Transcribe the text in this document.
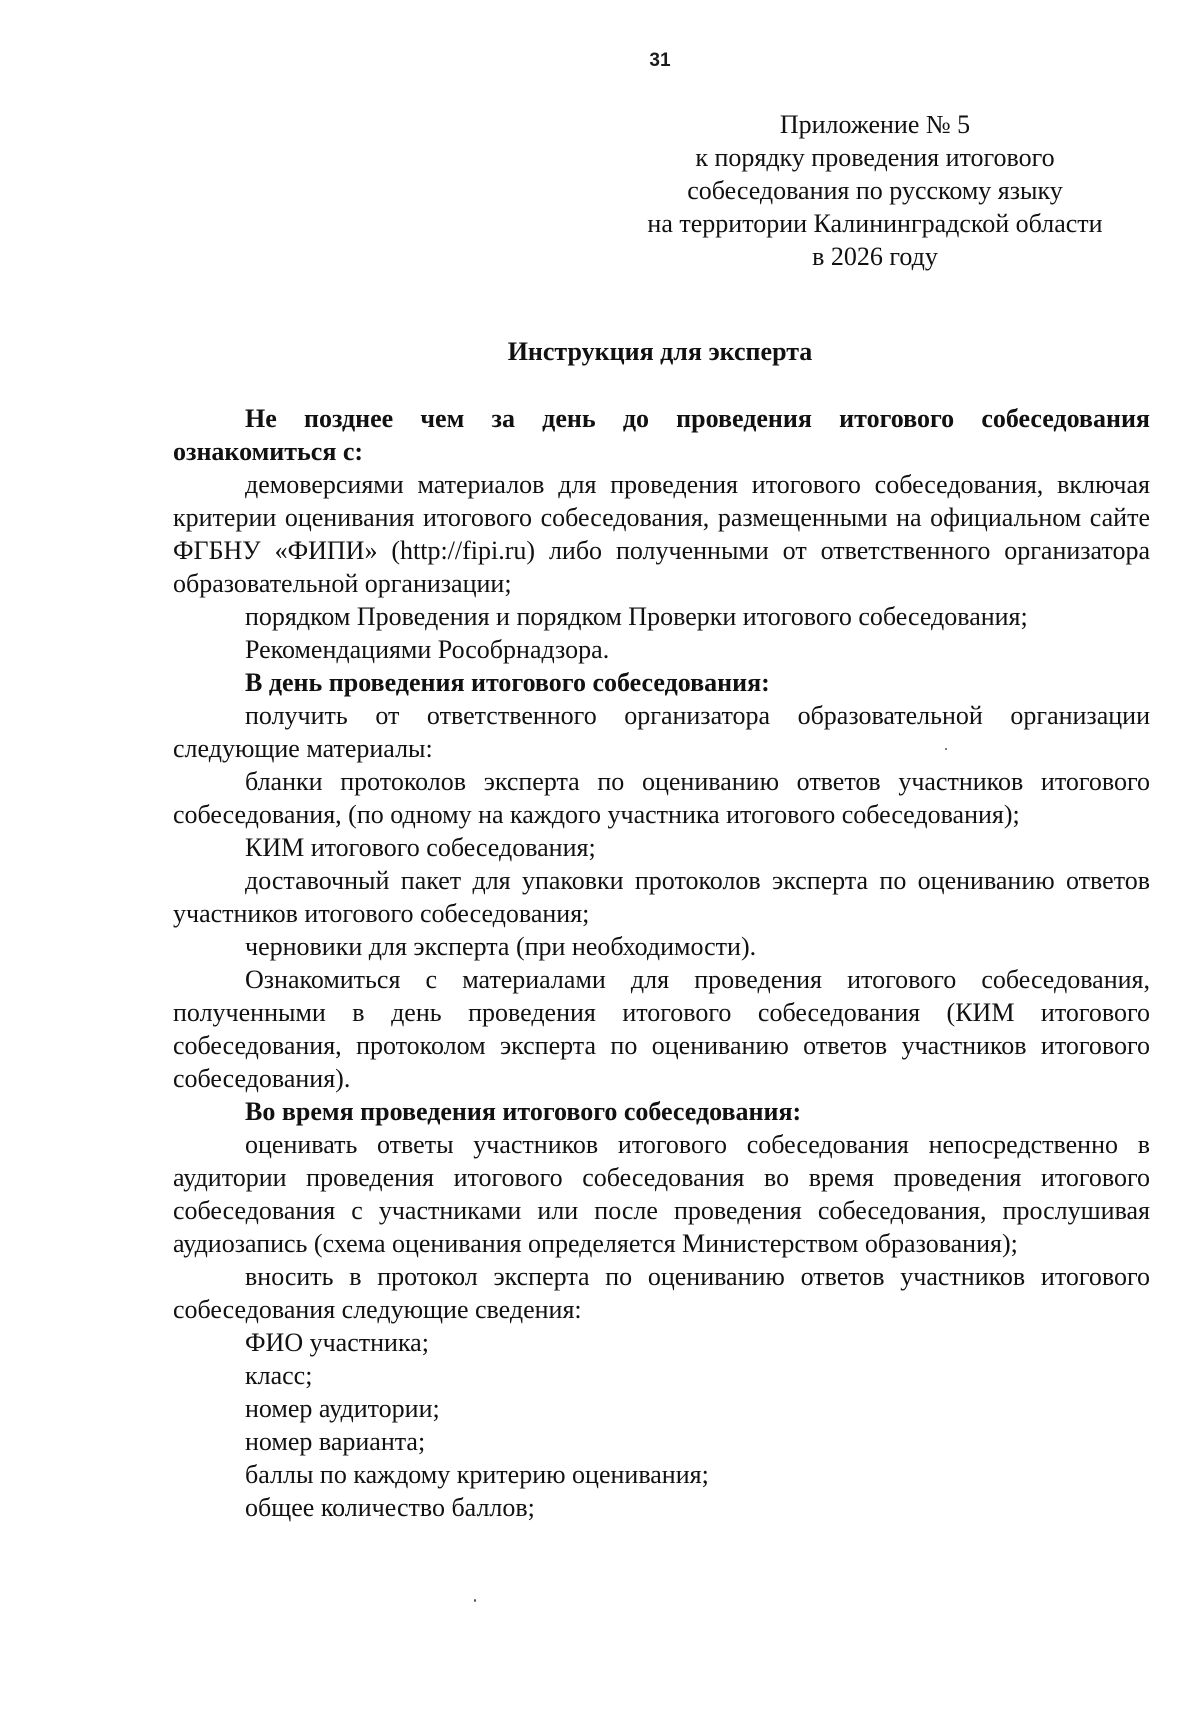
31
Приложение № 5
к порядку проведения итогового
собеседования по русскому языку
на территории Калининградской области
в 2026 году
Инструкция для эксперта

Не позднее чем за день до проведения итогового собеседования ознакомиться с:

демоверсиями материалов для проведения итогового собеседования, включая критерии оценивания итогового собеседования, размещенными на официальном сайте ФГБНУ «ФИПИ» (http://fipi.ru) либо полученными от ответственного организатора образовательной организации;

порядком Проведения и порядком Проверки итогового собеседования;

Рекомендациями Рособрнадзора.

В день проведения итогового собеседования:

получить от ответственного организатора образовательной организации следующие материалы:

бланки протоколов эксперта по оцениванию ответов участников итогового собеседования, (по одному на каждого участника итогового собеседования);

КИМ итогового собеседования;

доставочный пакет для упаковки протоколов эксперта по оцениванию ответов участников итогового собеседования;

черновики для эксперта (при необходимости).

Ознакомиться с материалами для проведения итогового собеседования, полученными в день проведения итогового собеседования (КИМ итогового собеседования, протоколом эксперта по оцениванию ответов участников итогового собеседования).

Во время проведения итогового собеседования:

оценивать ответы участников итогового собеседования непосредственно в аудитории проведения итогового собеседования во время проведения итогового собеседования с участниками или после проведения собеседования, прослушивая аудиозапись (схема оценивания определяется Министерством образования);

вносить в протокол эксперта по оцениванию ответов участников итогового собеседования следующие сведения:

ФИО участника;

класс;

номер аудитории;

номер варианта;

баллы по каждому критерию оценивания;

общее количество баллов;
